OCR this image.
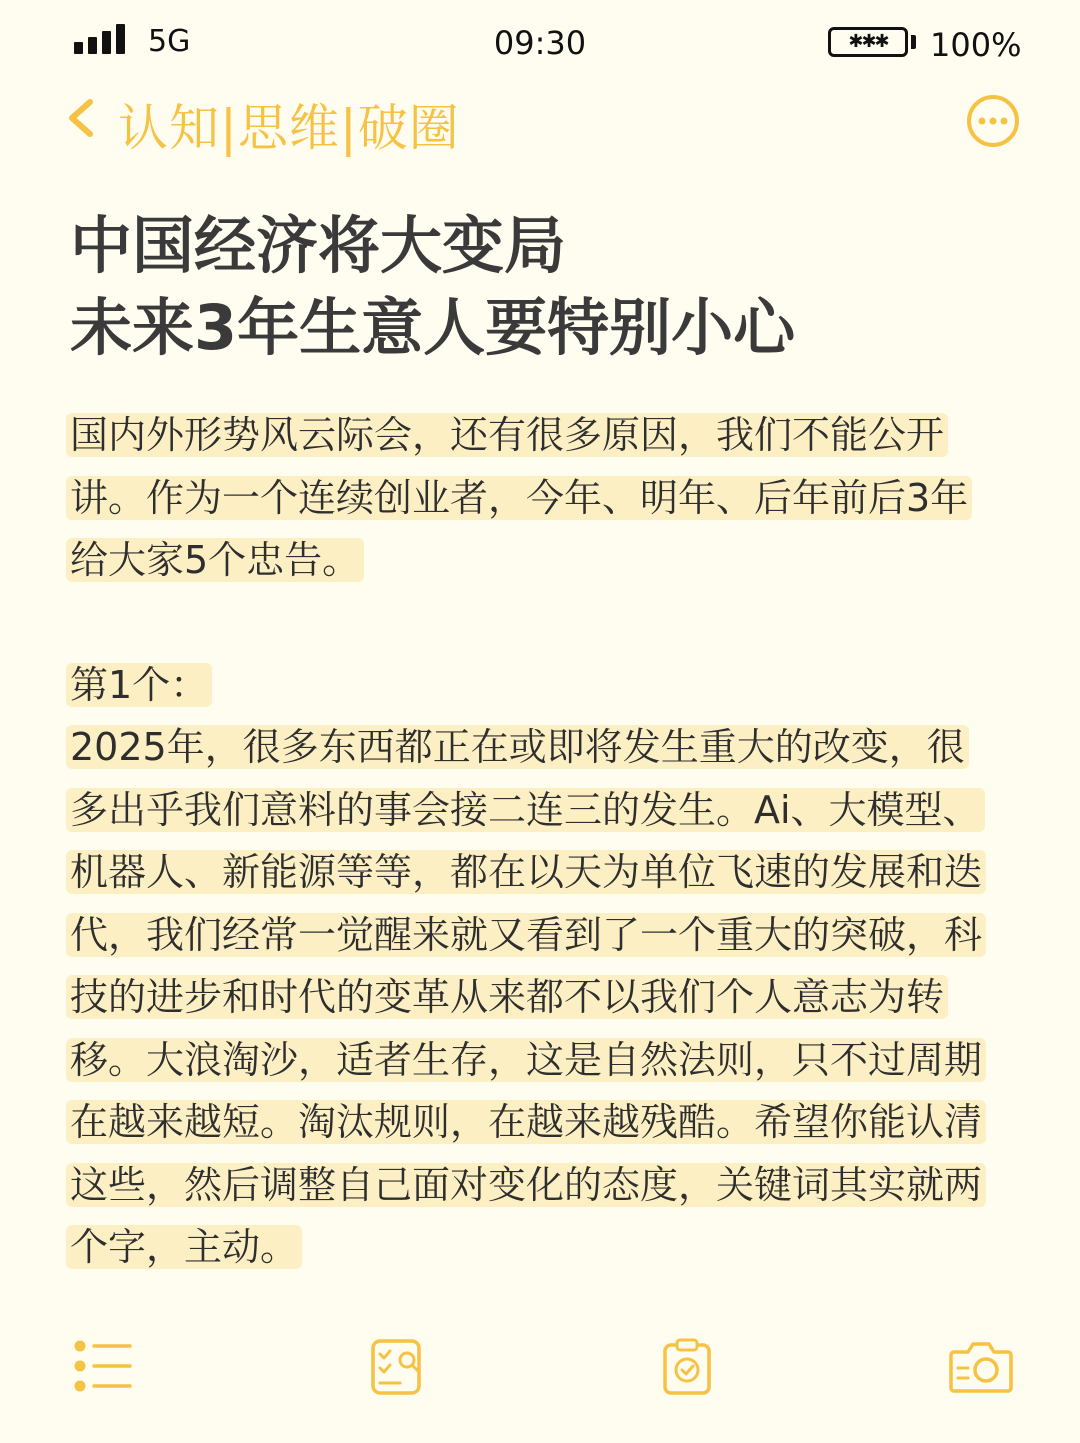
5G	09:30	✱✱✱	100%
认知|思维|破圈
中国经济将大变局
未来3年生意人要特别小心

国内外形势风云际会，还有很多原因，我们不能公开讲。作为一个连续创业者，今年、明年、后年前后3年给大家5个忠告。

第1个：

2025年，很多东西都正在或即将发生重大的改变，很多出乎我们意料的事会接二连三的发生。Ai、大模型、机器人、新能源等等，都在以天为单位飞速的发展和迭代，我们经常一觉醒来就又看到了一个重大的突破，科技的进步和时代的变革从来都不以我们个人意志为转移。大浪淘沙，适者生存，这是自然法则，只不过周期在越来越短。淘汰规则，在越来越残酷。希望你能认清这些，然后调整自己面对变化的态度，关键词其实就两个字，主动。
